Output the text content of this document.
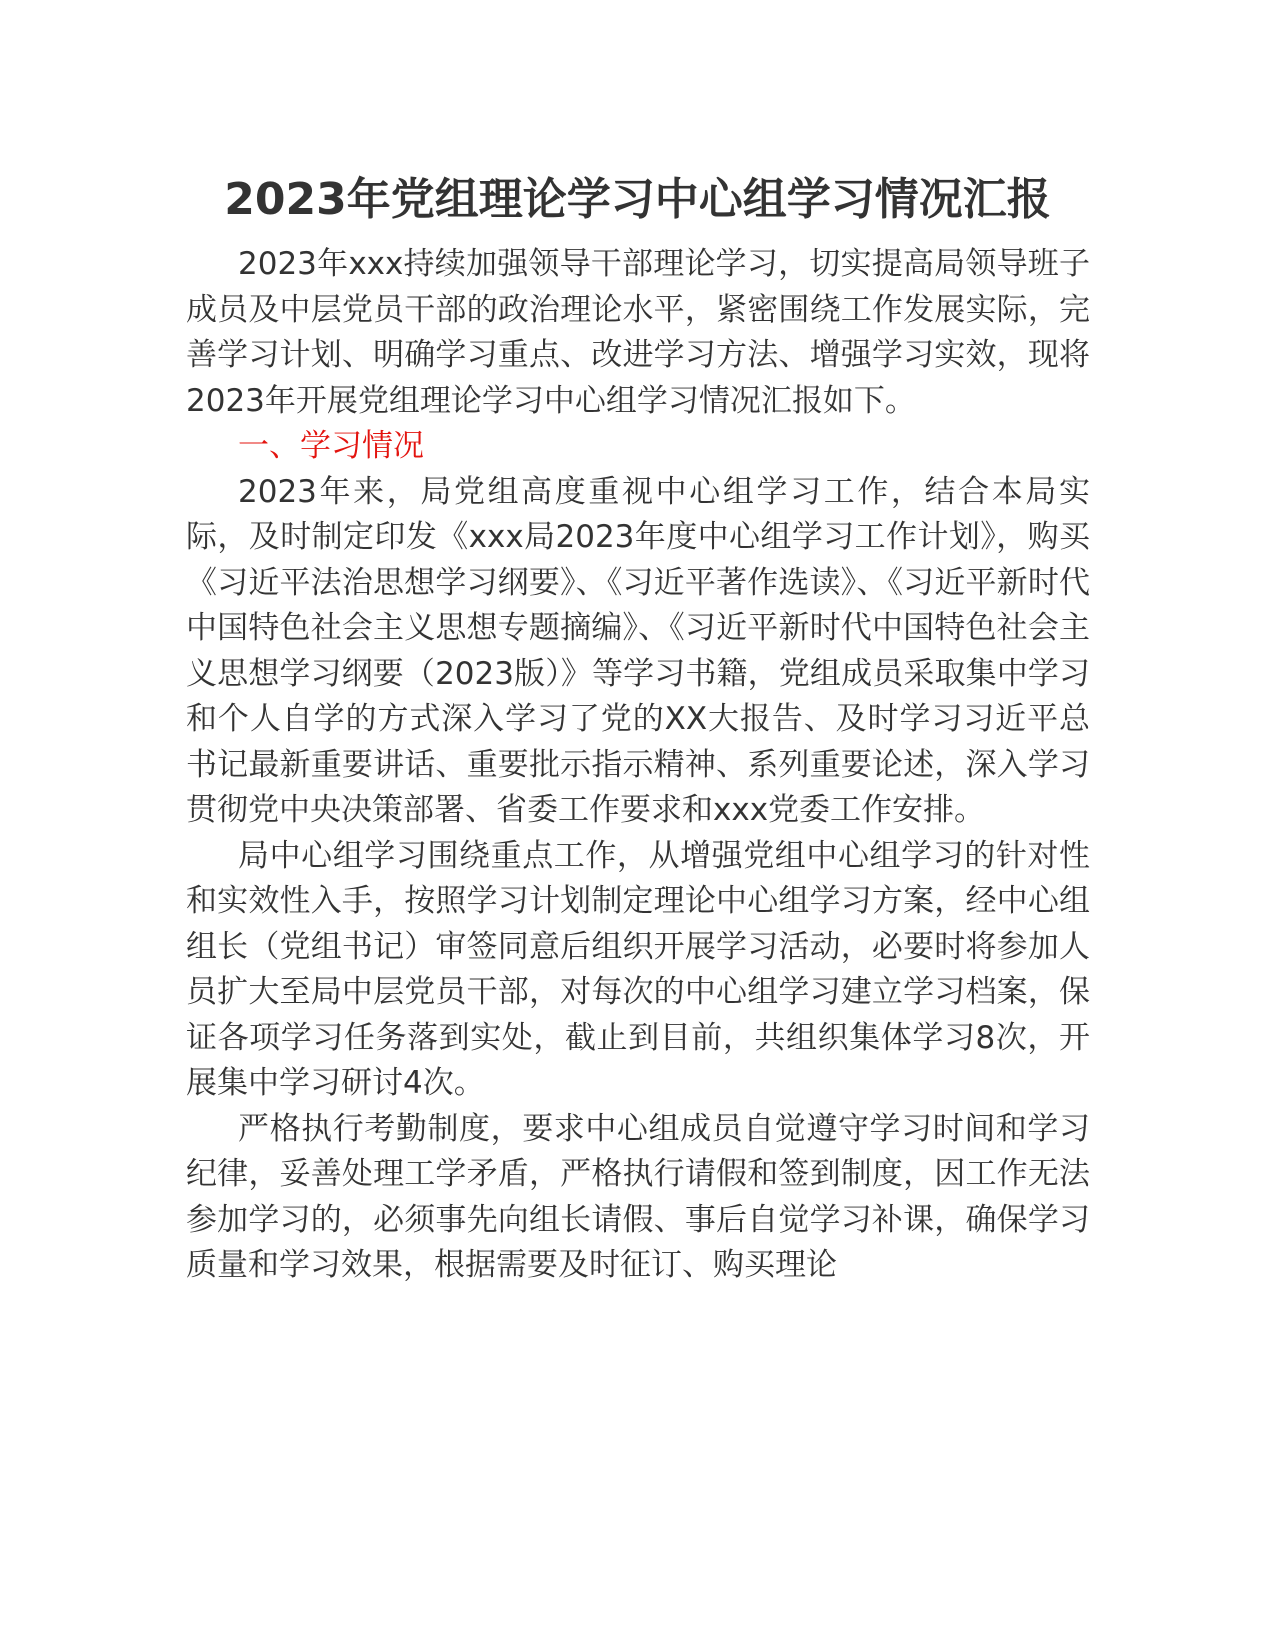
2023年党组理论学习中心组学习情况汇报

2023年xxx持续加强领导干部理论学习，切实提高局领导班子成员及中层党员干部的政治理论水平，紧密围绕工作发展实际，完善学习计划、明确学习重点、改进学习方法、增强学习实效，现将2023年开展党组理论学习中心组学习情况汇报如下。

一、学习情况

2023年来，局党组高度重视中心组学习工作，结合本局实际，及时制定印发《xxx局2023年度中心组学习工作计划》，购买《习近平法治思想学习纲要》、《习近平著作选读》、《习近平新时代中国特色社会主义思想专题摘编》、《习近平新时代中国特色社会主义思想学习纲要（2023版）》等学习书籍，党组成员采取集中学习和个人自学的方式深入学习了党的XX大报告、及时学习习近平总书记最新重要讲话、重要批示指示精神、系列重要论述，深入学习贯彻党中央决策部署、省委工作要求和xxx党委工作安排。

局中心组学习围绕重点工作，从增强党组中心组学习的针对性和实效性入手，按照学习计划制定理论中心组学习方案，经中心组组长（党组书记）审签同意后组织开展学习活动，必要时将参加人员扩大至局中层党员干部，对每次的中心组学习建立学习档案，保证各项学习任务落到实处，截止到目前，共组织集体学习8次，开展集中学习研讨4次。

严格执行考勤制度，要求中心组成员自觉遵守学习时间和学习纪律，妥善处理工学矛盾，严格执行请假和签到制度，因工作无法参加学习的，必须事先向组长请假、事后自觉学习补课，确保学习质量和学习效果，根据需要及时征订、购买理论
